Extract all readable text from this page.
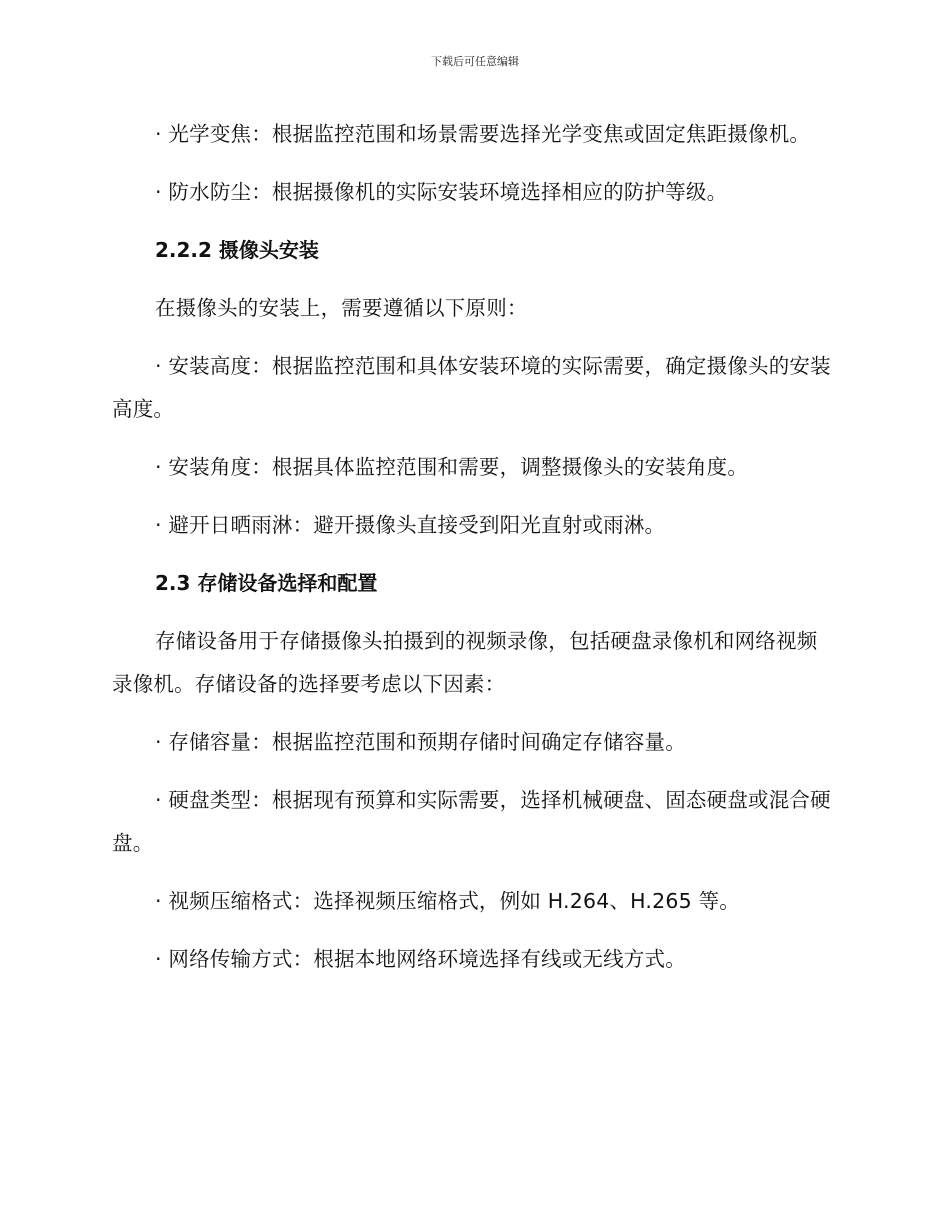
下载后可任意编辑

· 光学变焦：根据监控范围和场景需要选择光学变焦或固定焦距摄像机。

· 防水防尘：根据摄像机的实际安装环境选择相应的防护等级。

2.2.2 摄像头安装

在摄像头的安装上，需要遵循以下原则：

· 安装高度：根据监控范围和具体安装环境的实际需要，确定摄像头的安装高度。

· 安装角度：根据具体监控范围和需要，调整摄像头的安装角度。

· 避开日晒雨淋：避开摄像头直接受到阳光直射或雨淋。

2.3 存储设备选择和配置

存储设备用于存储摄像头拍摄到的视频录像，包括硬盘录像机和网络视频录像机。存储设备的选择要考虑以下因素：

· 存储容量：根据监控范围和预期存储时间确定存储容量。

· 硬盘类型：根据现有预算和实际需要，选择机械硬盘、固态硬盘或混合硬盘。

· 视频压缩格式：选择视频压缩格式，例如 H.264、H.265 等。

· 网络传输方式：根据本地网络环境选择有线或无线方式。
